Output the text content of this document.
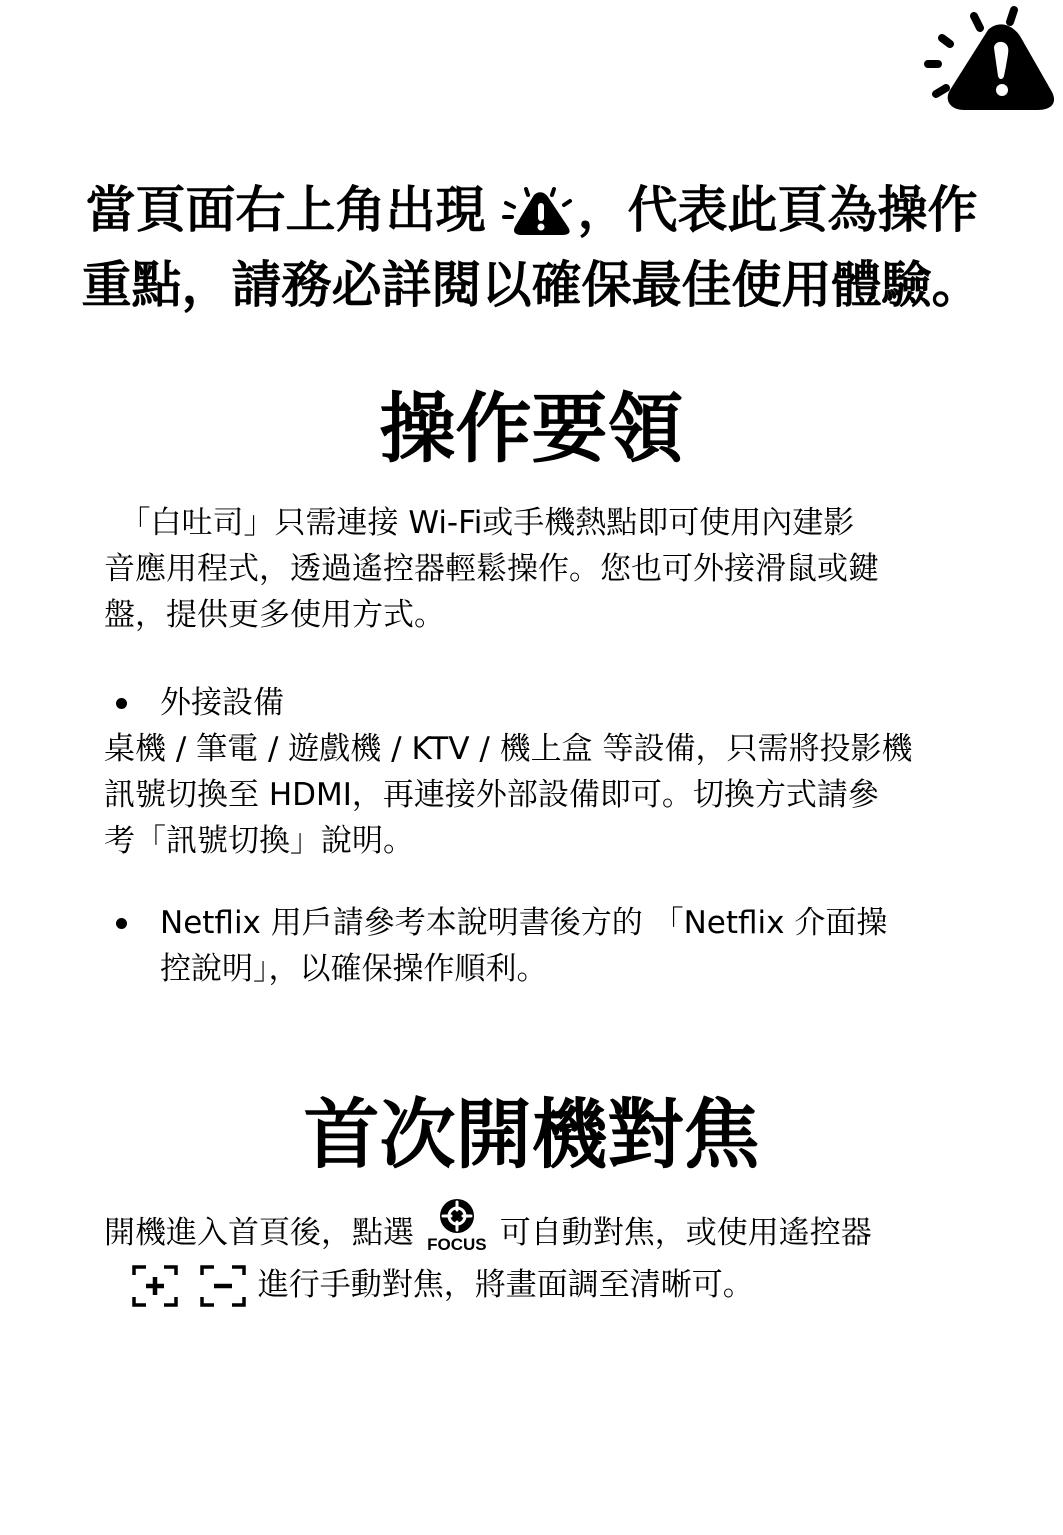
當頁面右上角出現 ，代表此頁為操作
重點，請務必詳閱以確保最佳使用體驗。
操作要領
　「白吐司」只需連接 Wi-Fi或手機熱點即可使用內建影
音應用程式，透過遙控器輕鬆操作。您也可外接滑鼠或鍵
盤，提供更多使用方式。
外接設備
桌機 / 筆電 / 遊戲機 / KTV / 機上盒 等設備，只需將投影機
訊號切換至 HDMI，再連接外部設備即可。切換方式請參
考「訊號切換」說明。
Netflix 用戶請參考本說明書後方的 「Netflix 介面操
控說明」，以確保操作順利。
首次開機對焦
開機進入首頁後，點選 FOCUS 可自動對焦，或使用遙控器
進行手動對焦，將畫面調至清晰可。
